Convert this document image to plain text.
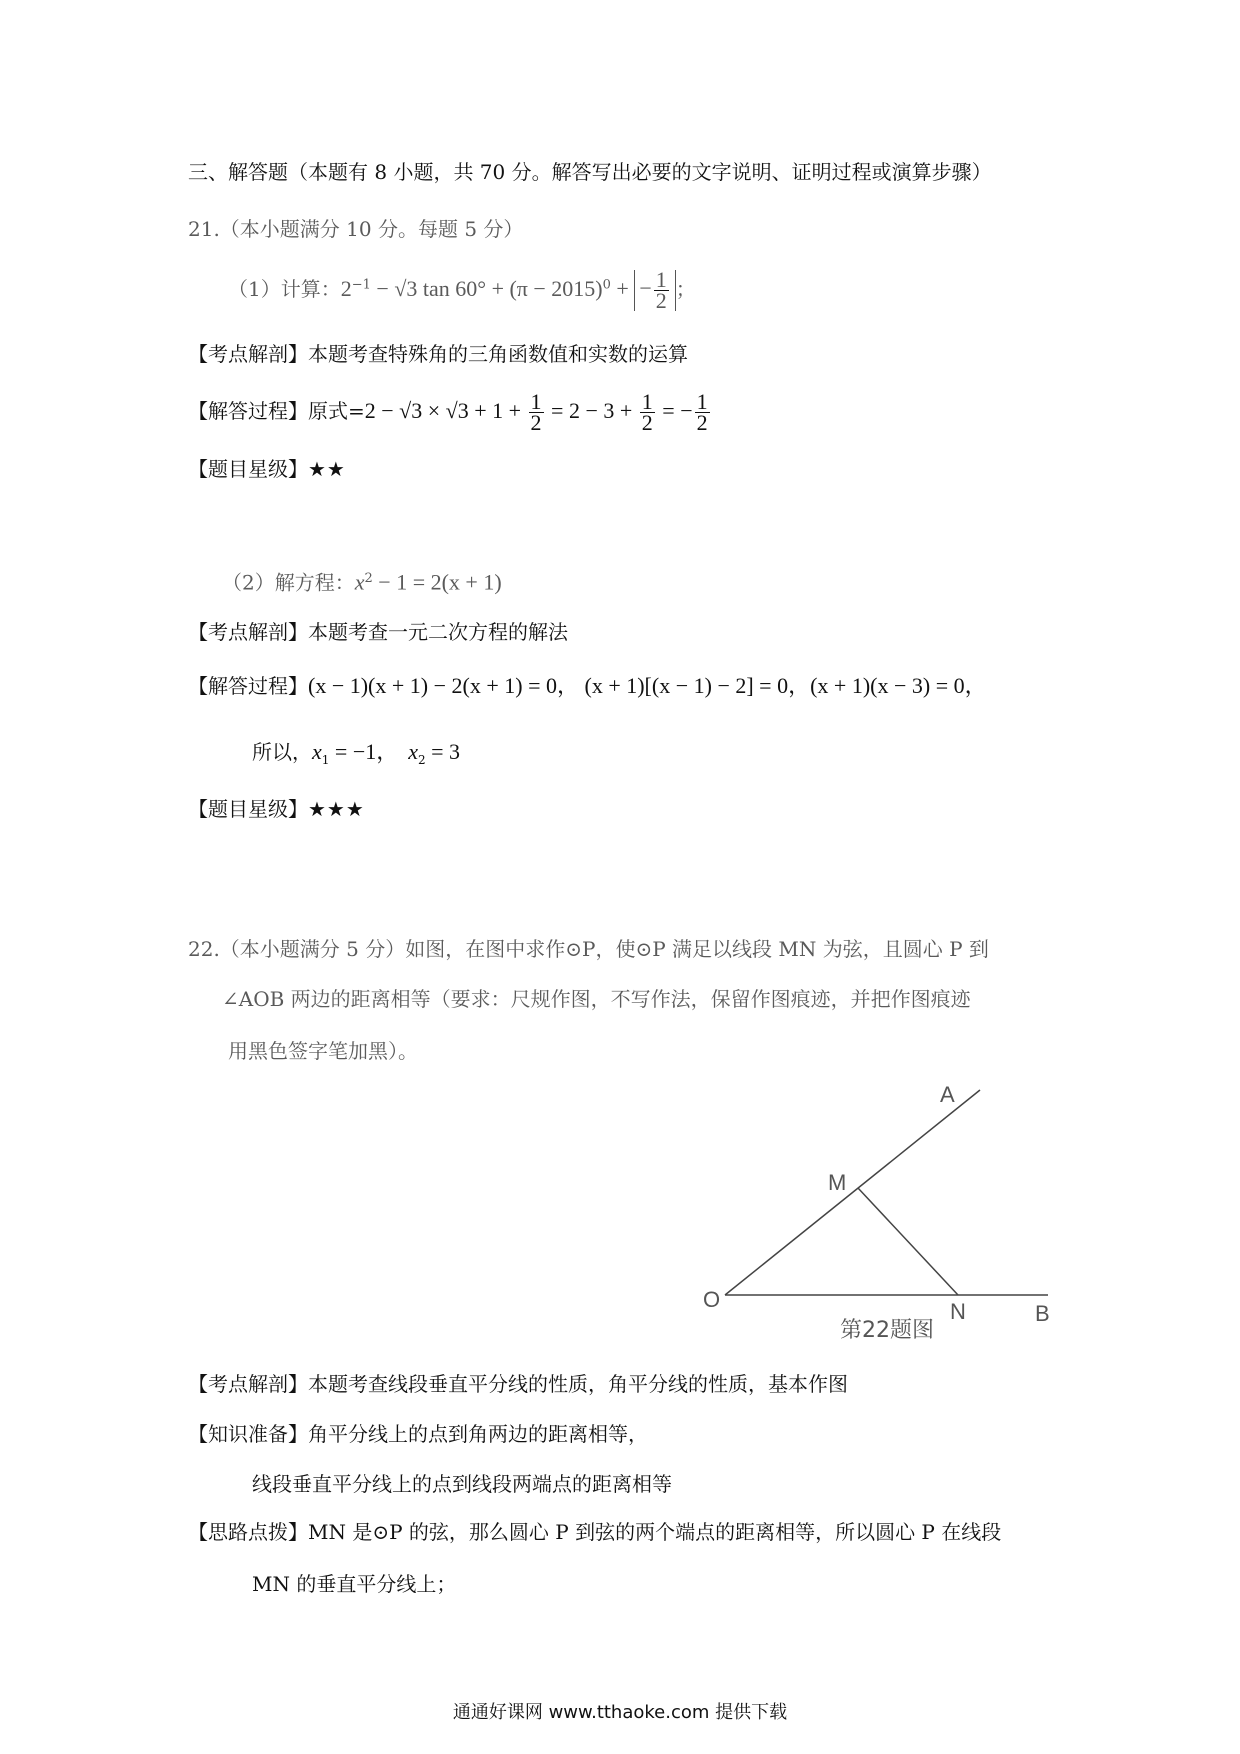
三、解答题（本题有 8 小题，共 70 分。解答写出必要的文字说明、证明过程或演算步骤）
21.（本小题满分 10 分。每题 5 分）
（1）计算：$2^{-1} - √3$ $\tan 60^\circ + (\pi - 2015)^0$ + − $\frac{1}{2}$ ；
【考点解剖】本题考查特殊角的三角函数值和实数的运算
【解答过程】原式$=2 - √3 \times √3 + 1 + \frac{1}{2} = 2 - 3 + \frac{1}{2}$ = − $\frac{1}{2}$
【题目星级】★★
（2）解方程：$x^2 - 1 = 2(x + 1)$
【考点解剖】本题考查一元二次方程的解法
【解答过程】(x − 1)(x + 1) − 2(x + 1) = 0， (x + 1)[(x − 1) − 2] = 0，(x + 1)(x − 3) = 0，
所以，$x_1 = -1$， $x_2 = 3$
【题目星级】★★★
22.（本小题满分 5 分）如图，在图中求作⊙P，使⊙P 满足以线段 MN 为弦，且圆心 P 到
∠AOB 两边的距离相等（要求：尺规作图，不写作法，保留作图痕迹，并把作图痕迹
用黑色签字笔加黑）。
A
M
O	N	B
第22题图
【考点解剖】本题考查线段垂直平分线的性质，角平分线的性质，基本作图
【知识准备】角平分线上的点到角两边的距离相等，
线段垂直平分线上的点到线段两端点的距离相等
【思路点拨】MN 是⊙P 的弦，那么圆心 P 到弦的两个端点的距离相等，所以圆心 P 在线段
MN 的垂直平分线上；
通通好课网 www.tthaoke.com 提供下载
